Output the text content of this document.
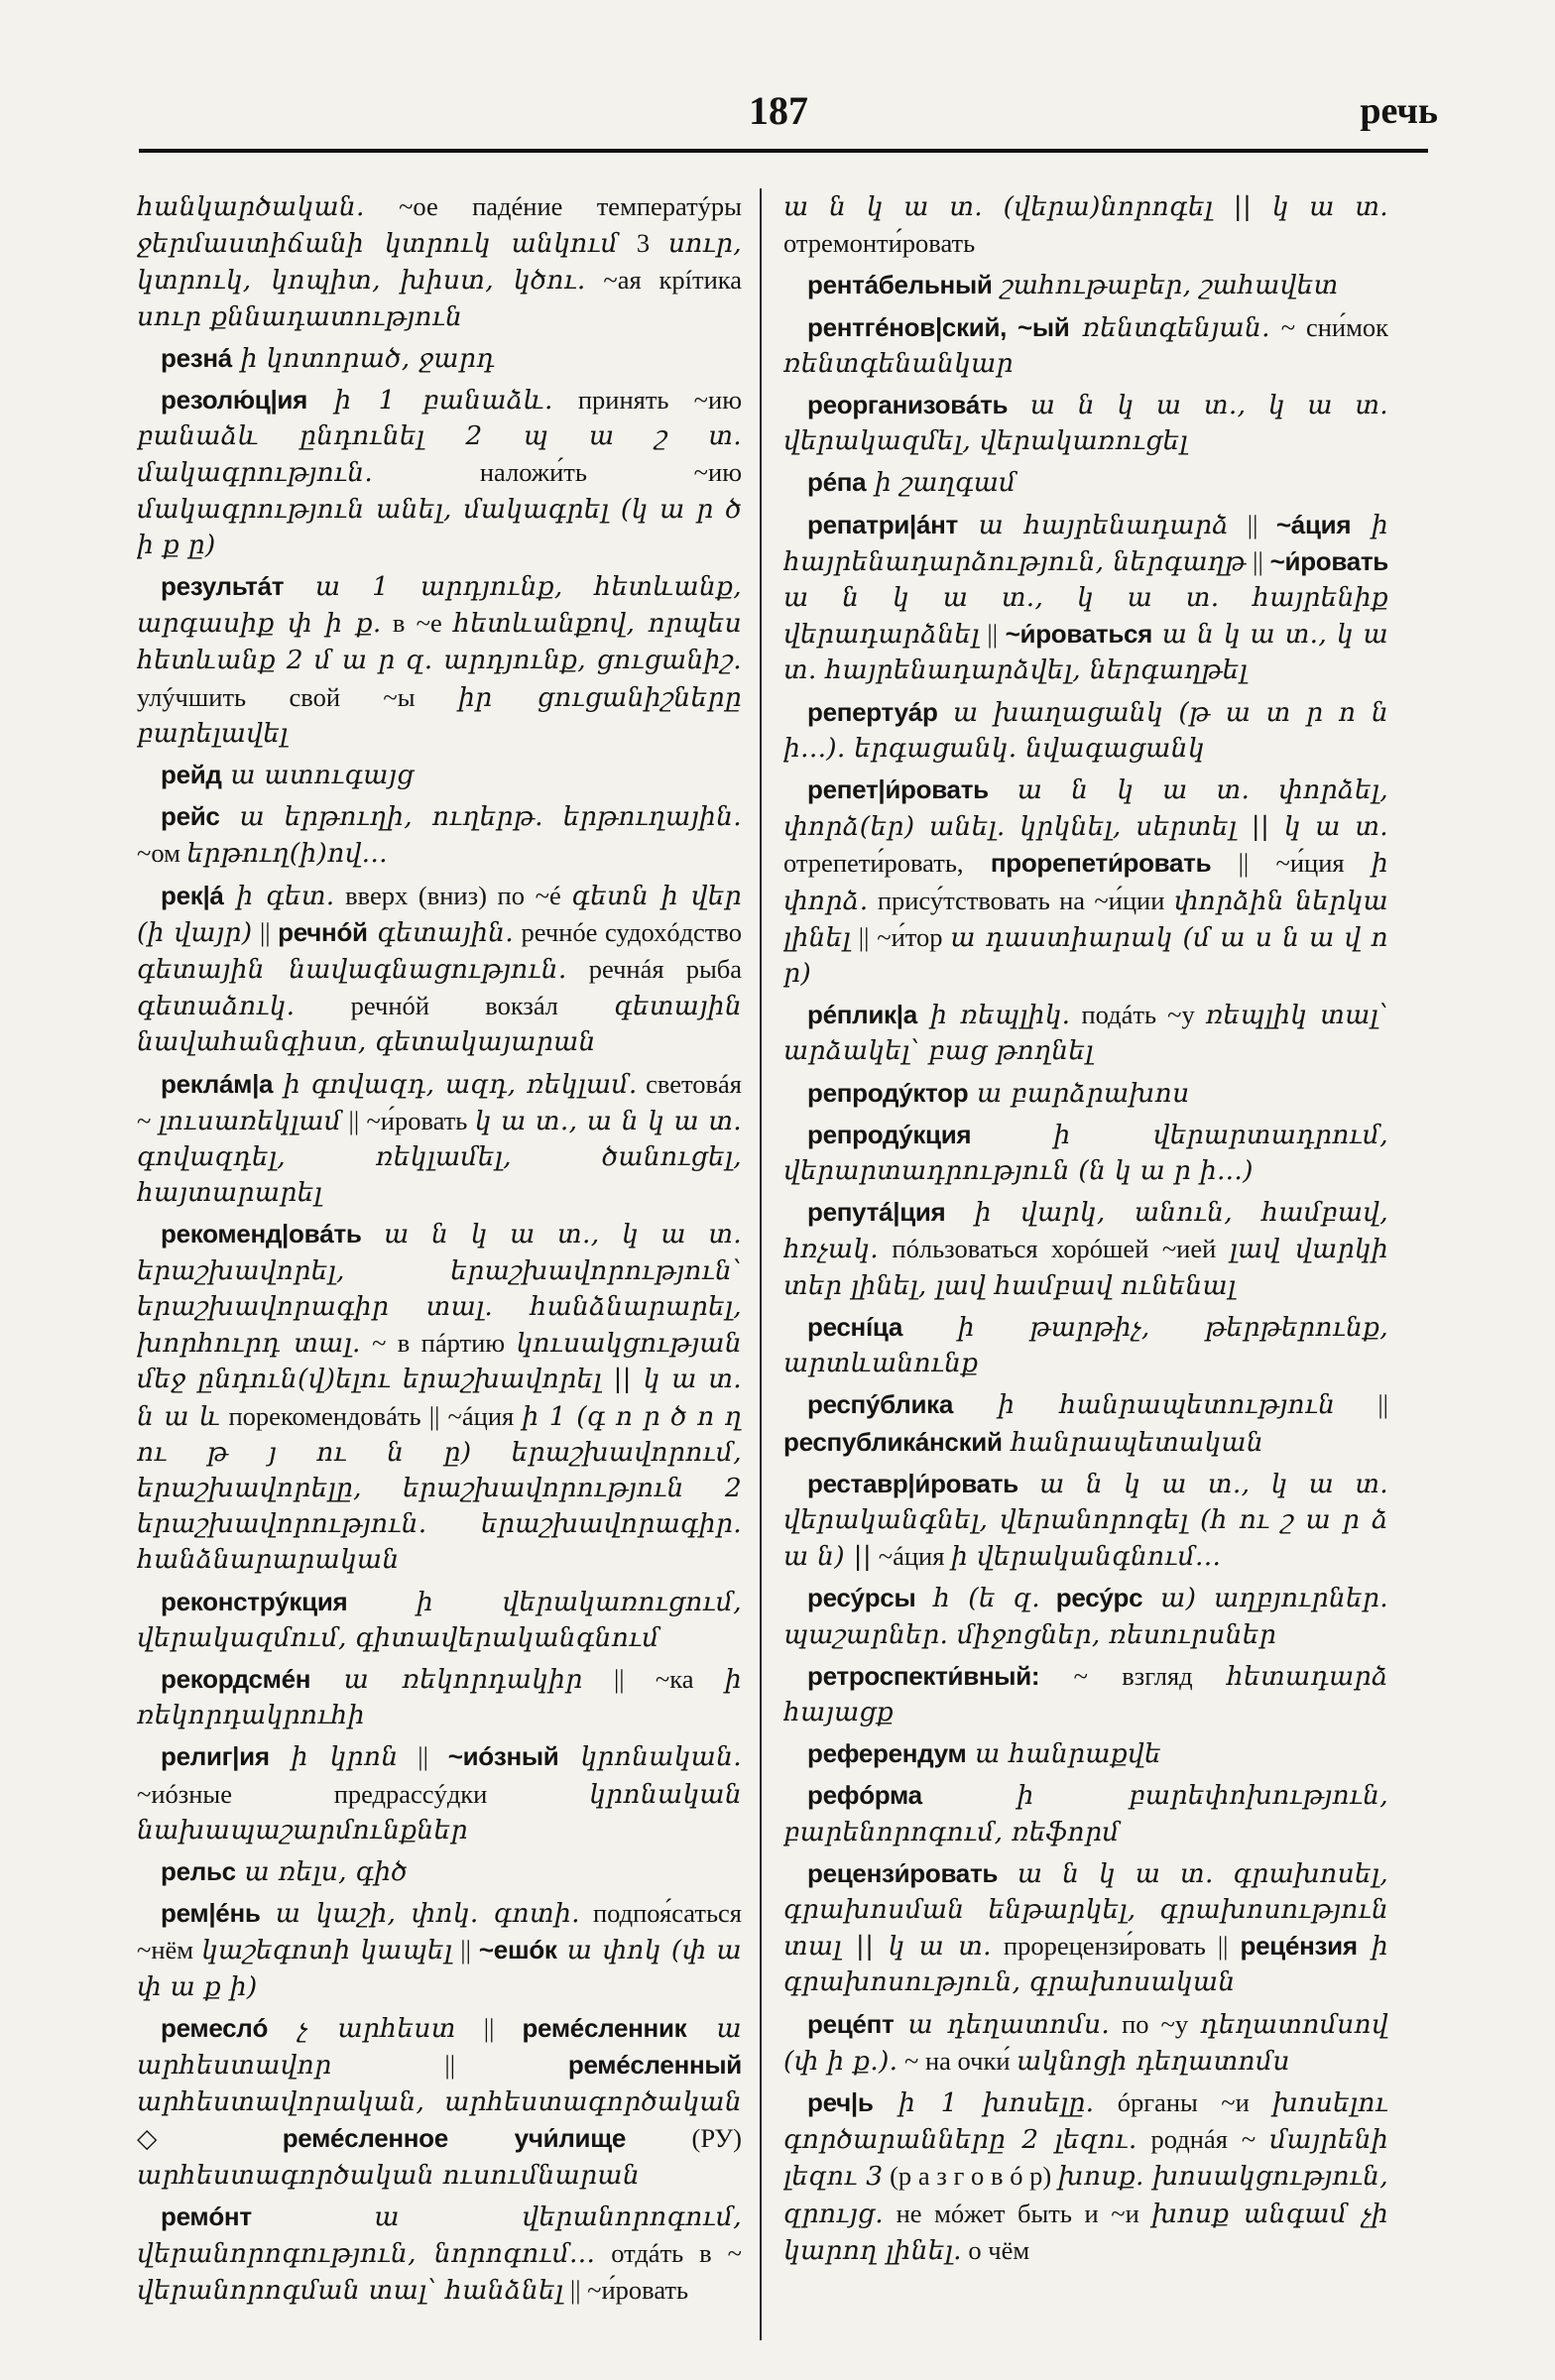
187	речь

հանկարծական. ~ое падéние температýры ջերմաստիճանի կտրուկ անկում 3 սուր, կտրուկ, կոպիտ, խիստ, կծու. ~ая крíтика սուր քննադատություն

резнá ի կոտորած, ջարդ

резолю́ц|ия ի 1 բանաձև. принять ~ию բանաձև ընդունել 2 պ ա շ տ. մակագրություն. наложи́ть ~ию մակագրություն անել, մակագրել (կ ա ր ծ ի ք ը)

результáт ա 1 արդյունք, հետևանք, արգասիք փ ի ք. в ~е հետևանքով, որպես հետևանք 2 մ ա ր զ. արդյունք, ցուցանիշ. улýчшить свой ~ы իր ցուցանիշները բարելավել

рейд ա ատուգայց

рейс ա երթուղի, ուղերթ. երթուղային. ~ом երթուղ(ի)ով...

рек|á ի գետ. вверх (вниз) по ~é գետն ի վեր (ի վայր) || речнóй գետային. речнóе судохóдство գետային նավագնացություն. речнáя рыба գետաձուկ. речнóй вокзáл գետային նավահանգիստ, գետակայարան

реклáм|а ի գովազդ, ազդ, ռեկլամ. световáя ~ լուսառեկլամ || ~и́ровать կ ա տ., ա ն կ ա տ. գովազդել, ռեկլամել, ծանուցել, հայտարարել

рекоменд|овáть ա ն կ ա տ., կ ա տ. երաշխավորել, երաշխավորություն՝ երաշխավորագիր տալ. հանձնարարել, խորհուրդ տալ. ~ в пáртию կուսակցության մեջ ընդուն(վ)ելու երաշխավորել || կ ա տ. ն ա և порекомендовáть || ~áция ի 1 (գ ո ր ծ ո ղ ու թ յ ու ն ը) երաշխավորում, երաշխավորելը, երաշխավորություն 2 երաշխավորություն. երաշխավորագիր. հանձնարարական

реконстрýкция ի վերակառուցում, վերակազմում, գիտավերականգնում

рекордсмéн ա ռեկորդակիր || ~ка ի ռեկորդակրուհի

религ|ия ի կրոն || ~иóзный կրոնական. ~иóзные предрассýдки կրոնական նախապաշարմունքներ

рельс ա ռելս, գիծ

рем|éнь ա կաշի, փոկ. գոտի. подпоя́саться ~нём կաշեգոտի կապել || ~ешóк ա փոկ (փ ա փ ա ք ի)

ремеслó չ արհեստ || ремéсленник ա արհեստավոր || ремéсленный արհեստավորական, արհեստագործական ◇ ремéсленное учи́лище (РУ) արհեստագործական ուսումնարան

ремóнт ա վերանորոգում, վերանորոգություն, նորոգում... отдáть в ~ վերանորոգման տալ՝ հանձնել || ~и́ровать

ա ն կ ա տ. (վերա)նորոգել || կ ա տ. отремонти́ровать

рентáбельный շահութաբեր, շահավետ

рентгéнов|ский, ~ый ռենտգենյան. ~ сни́мок ռենտգենանկար

реорганизовáть ա ն կ ա տ., կ ա տ. վերակազմել, վերակառուցել

рéпа ի շաղգամ

репатри|áнт ա հայրենադարձ || ~áция ի հայրենադարձություն, ներգաղթ || ~и́ровать ա ն կ ա տ., կ ա տ. հայրենիք վերադարձնել || ~и́роваться ա ն կ ա տ., կ ա տ. հայրենադարձվել, ներգաղթել

репертуáр ա խաղացանկ (թ ա տ ր ո ն ի...). երգացանկ. նվագացանկ

репет|и́ровать ա ն կ ա տ. փորձել, փորձ(եր) անել. կրկնել, սերտել || կ ա տ. отрепети́ровать, прорепети́ровать || ~и́ция ի փորձ. прису́тствовать на ~и́ции փորձին ներկա լինել || ~и́тор ա դաստիարակ (մ ա ս ն ա վ ո ր)

рéплик|а ի ռեպլիկ. подáть ~у ռեպլիկ տալ՝ արձակել՝ բաց թողնել

репродýктор ա բարձրախոս

репродýкция ի վերարտադրում, վերարտադրություն (ն կ ա ր ի...)

репутá|ция ի վարկ, անուն, համբավ, հռչակ. пóльзоваться хорóшей ~ией լավ վարկի տեր լինել, լավ համբավ ունենալ

реснíца ի թարթիչ, թերթերունք, արտևանունք

респýблика ի հանրապետություն || республикáнский հանրապետական

реставр|и́ровать ա ն կ ա տ., կ ա տ. վերականգնել, վերանորոգել (հ ու շ ա ր ձ ա ն) || ~áция ի վերականգնում...

ресýрсы հ (ե զ. ресýрс ա) աղբյուրներ. պաշարներ. միջոցներ, ռեսուրսներ

ретроспекти́вный: ~ взгляд հետադարձ հայացք

референдум ա հանրաքվե

рефóрма ի բարեփոխություն, բարենորոգում, ռեֆորմ

рецензи́ровать ա ն կ ա տ. գրախոսել, գրախոսման ենթարկել, գրախոսություն տալ || կ ա տ. прорецензи́ровать || рецéнзия ի գրախոսություն, գրախոսական

рецéпт ա դեղատոմս. по ~у դեղատոմսով (փ ի ք.). ~ на очки́ ակնոցի դեղատոմս

реч|ь ի 1 խոսելը. óрганы ~и խոսելու գործարանները 2 լեզու. роднáя ~ մայրենի լեզու 3 (р а з г о в ó р) խոսք. խոսակցություն, զրույց. не мóжет быть и ~и խոսք անգամ չի կարող լինել. о чём
